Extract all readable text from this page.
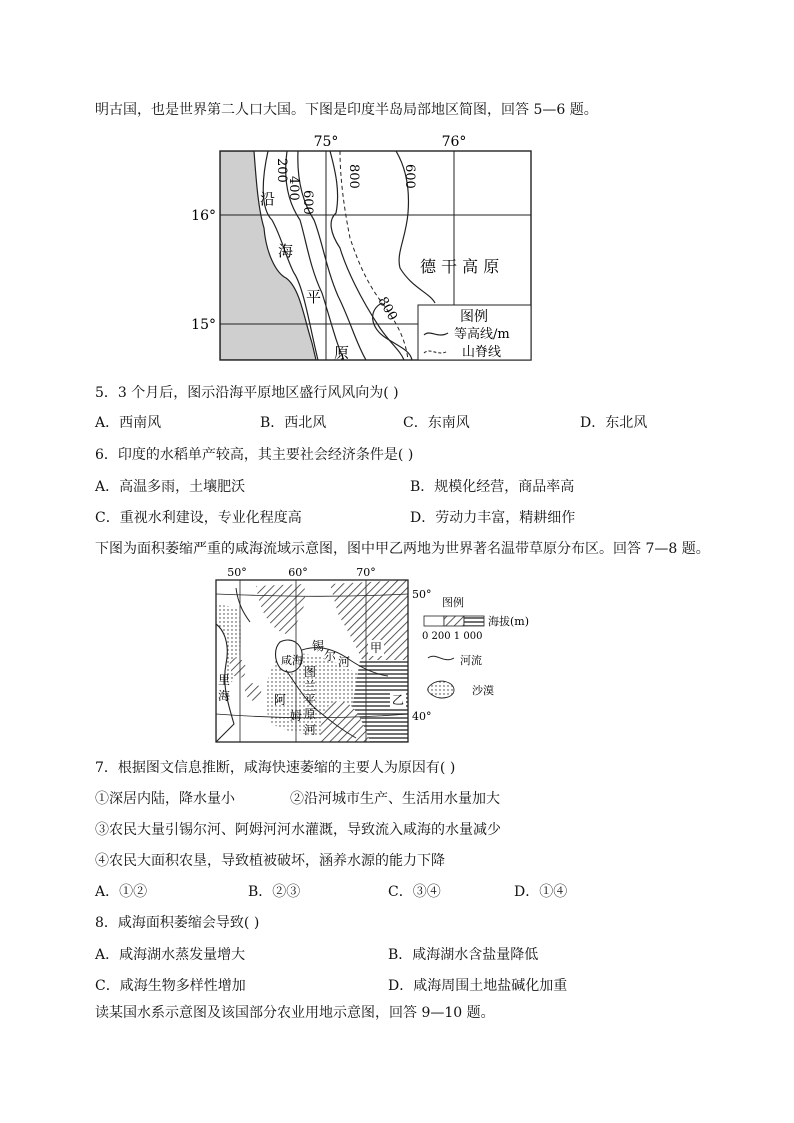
明古国，也是世界第二人口大国。下图是印度半岛局部地区简图，回答 5—6 题。
75°	76°
16°
15°
200
400
600
800	600
800
沿
海
平
原
德 干 高 原
图例
等高线/m
山脊线
5．3 个月后，图示沿海平原地区盛行风风向为( )
A．西南风	B．西北风	C．东南风	D．东北风
6．印度的水稻单产较高，其主要社会经济条件是( )
A．高温多雨，土壤肥沃	B．规模化经营，商品率高
C．重视水利建设，专业化程度高	D．劳动力丰富，精耕细作
下图为面积萎缩严重的咸海流域示意图，图中甲乙两地为世界著名温带草原分布区。回答 7—8 题。
50°	60°	70°
50°
40°
咸海
锡
尔 河
阿
姆
河
图
兰
平
原
里
海
甲
乙
图例
海拔(m)
0 200 1 000
河流
沙漠
7．根据图文信息推断，咸海快速萎缩的主要人为原因有( )
①深居内陆，降水量小	②沿河城市生产、生活用水量加大
③农民大量引锡尔河、阿姆河河水灌溉，导致流入咸海的水量减少
④农民大面积农垦，导致植被破坏，涵养水源的能力下降
A．①②	B．②③	C．③④	D．①④
8．咸海面积萎缩会导致( )
A．咸海湖水蒸发量增大	B．咸海湖水含盐量降低
C．咸海生物多样性增加	D．咸海周围土地盐碱化加重
读某国水系示意图及该国部分农业用地示意图，回答 9—10 题。
